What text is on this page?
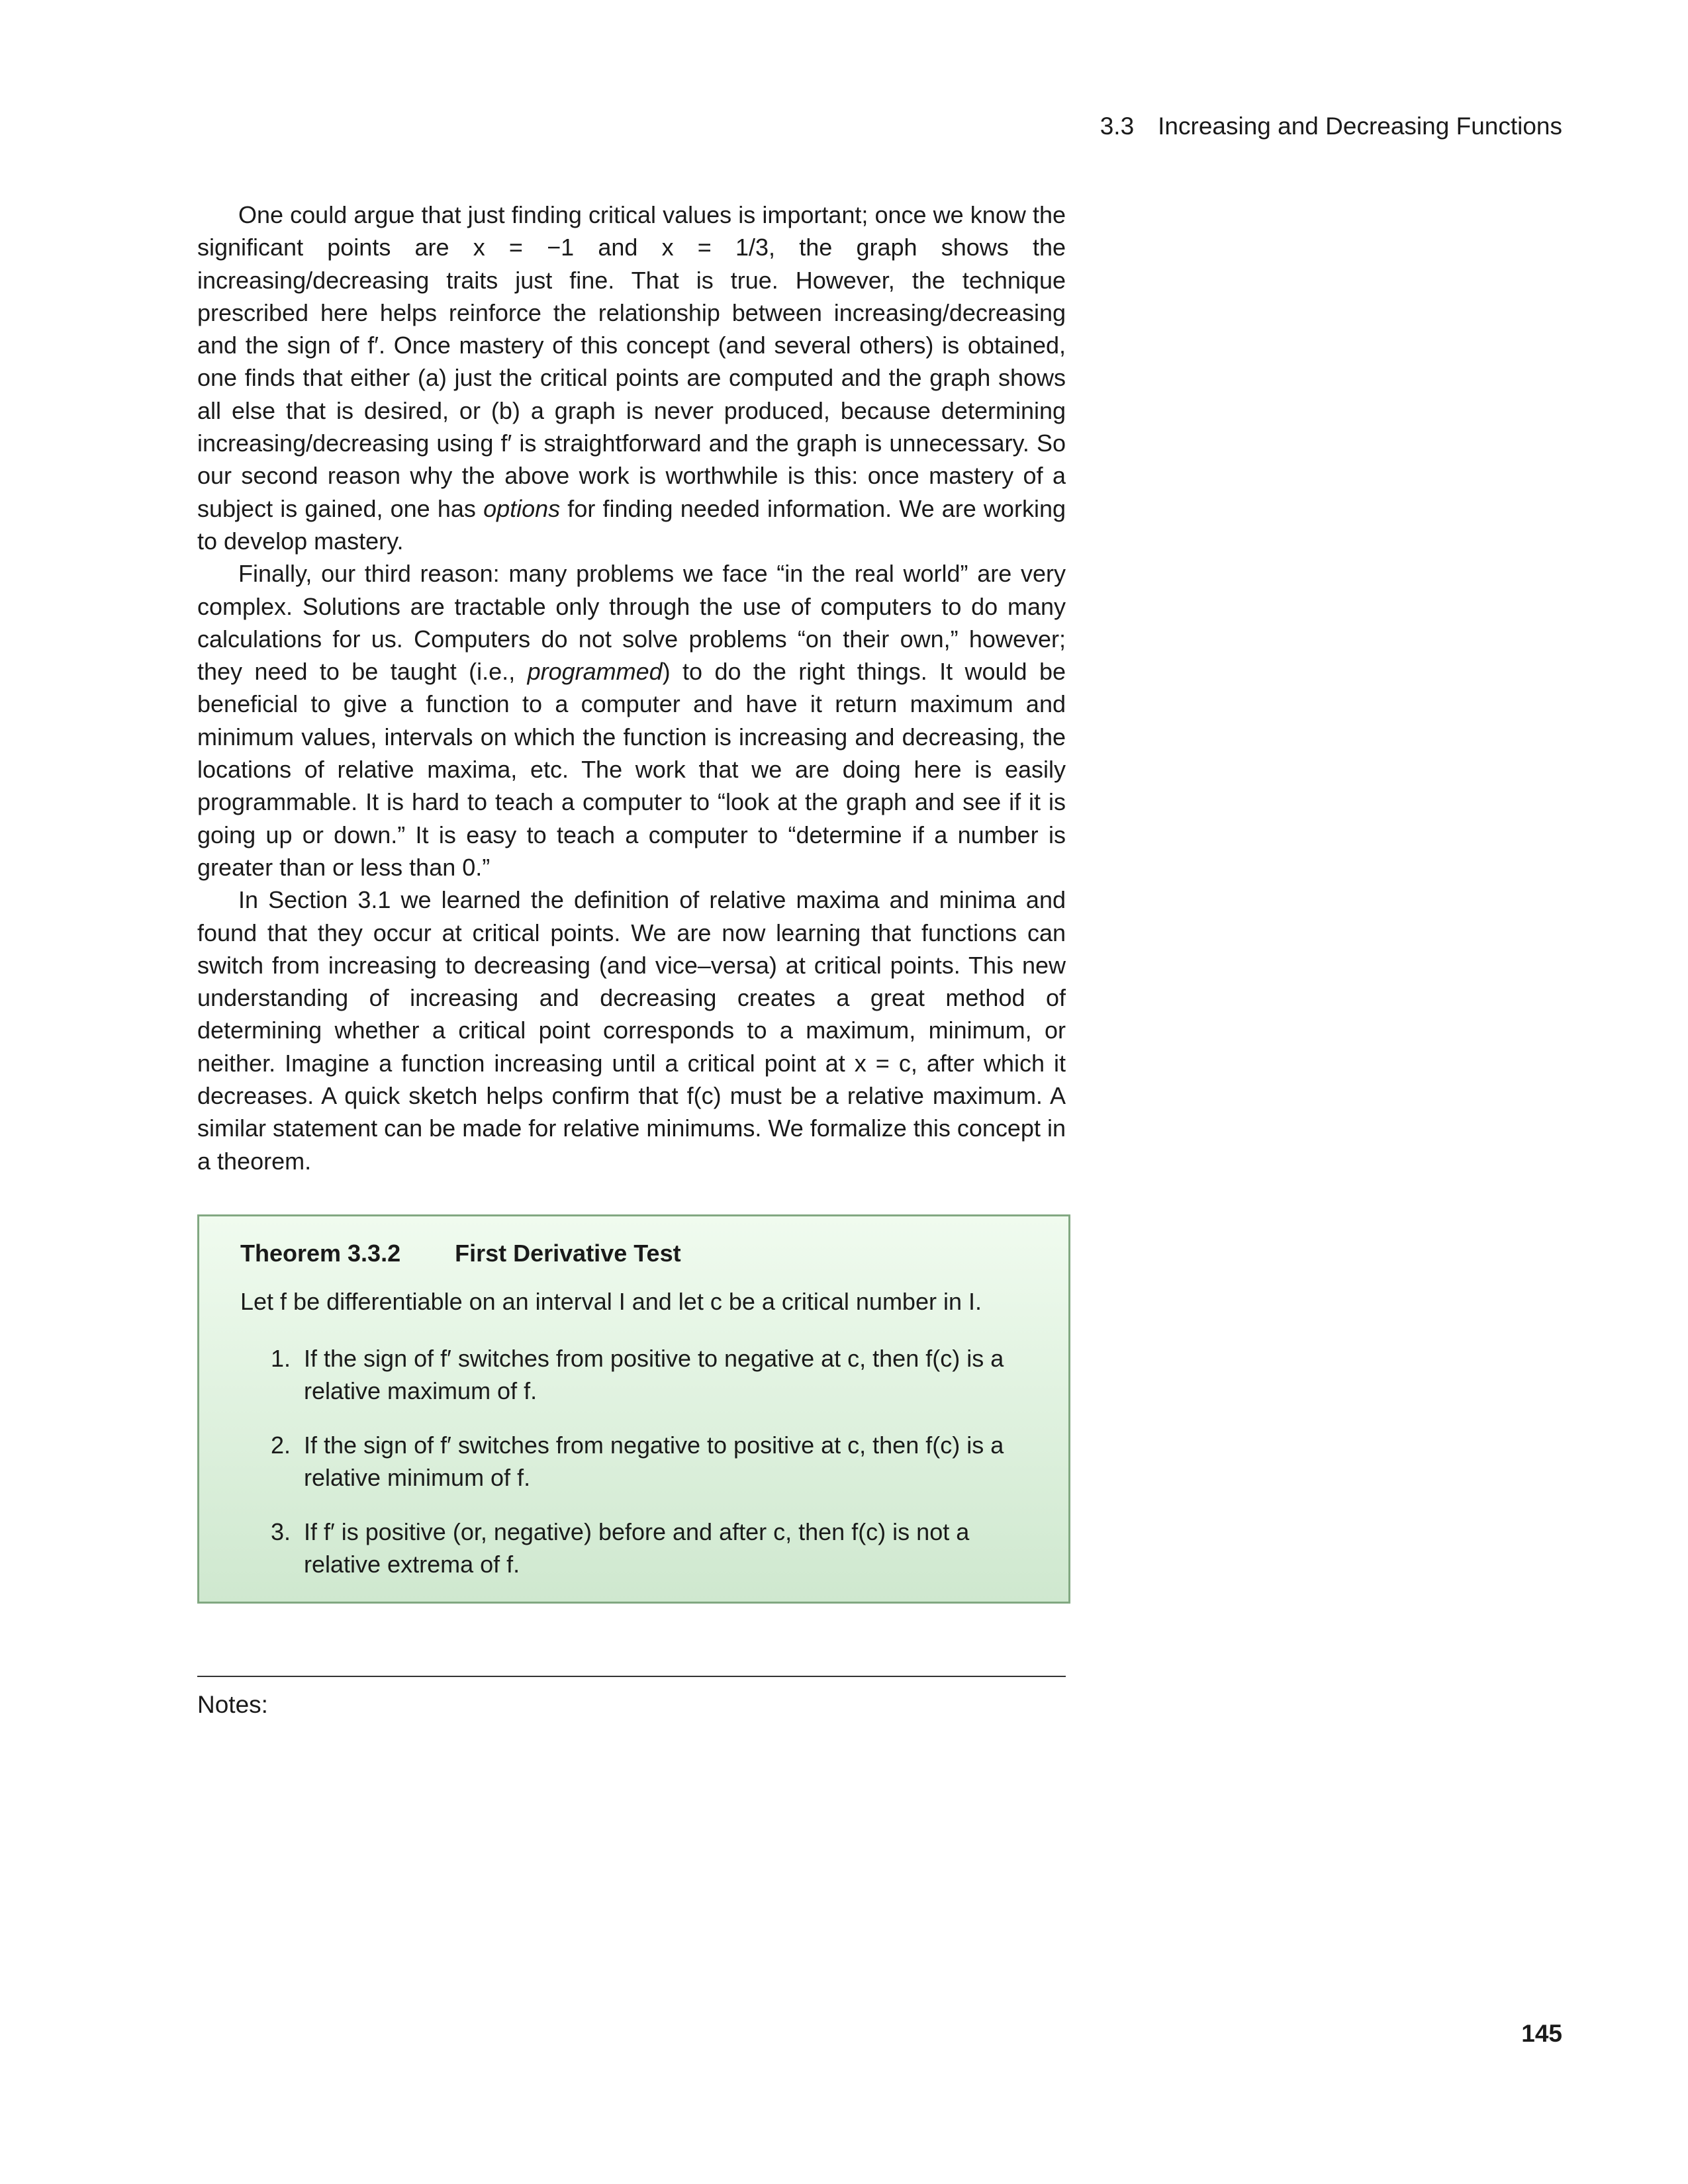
3.3 Increasing and Decreasing Functions

One could argue that just finding critical values is important; once we know the significant points are x = −1 and x = 1/3, the graph shows the increasing/decreasing traits just fine. That is true. However, the technique prescribed here helps reinforce the relationship between increasing/decreasing and the sign of f′. Once mastery of this concept (and several others) is obtained, one finds that either (a) just the critical points are computed and the graph shows all else that is desired, or (b) a graph is never produced, because determining increasing/decreasing using f′ is straightforward and the graph is unnecessary. So our second reason why the above work is worthwhile is this: once mastery of a subject is gained, one has options for finding needed information. We are working to develop mastery.

Finally, our third reason: many problems we face “in the real world” are very complex. Solutions are tractable only through the use of computers to do many calculations for us. Computers do not solve problems “on their own,” however; they need to be taught (i.e., programmed) to do the right things. It would be beneficial to give a function to a computer and have it return maximum and minimum values, intervals on which the function is increasing and decreasing, the locations of relative maxima, etc. The work that we are doing here is easily programmable. It is hard to teach a computer to “look at the graph and see if it is going up or down.” It is easy to teach a computer to “determine if a number is greater than or less than 0.”

In Section 3.1 we learned the definition of relative maxima and minima and found that they occur at critical points. We are now learning that functions can switch from increasing to decreasing (and vice–versa) at critical points. This new understanding of increasing and decreasing creates a great method of determining whether a critical point corresponds to a maximum, minimum, or neither. Imagine a function increasing until a critical point at x = c, after which it decreases. A quick sketch helps confirm that f(c) must be a relative maximum. A similar statement can be made for relative minimums. We formalize this concept in a theorem.

Theorem 3.3.2 First Derivative Test
Let f be differentiable on an interval I and let c be a critical number in I.
1. If the sign of f′ switches from positive to negative at c, then f(c) is a relative maximum of f.
2. If the sign of f′ switches from negative to positive at c, then f(c) is a relative minimum of f.
3. If f′ is positive (or, negative) before and after c, then f(c) is not a relative extrema of f.
Notes:
145
